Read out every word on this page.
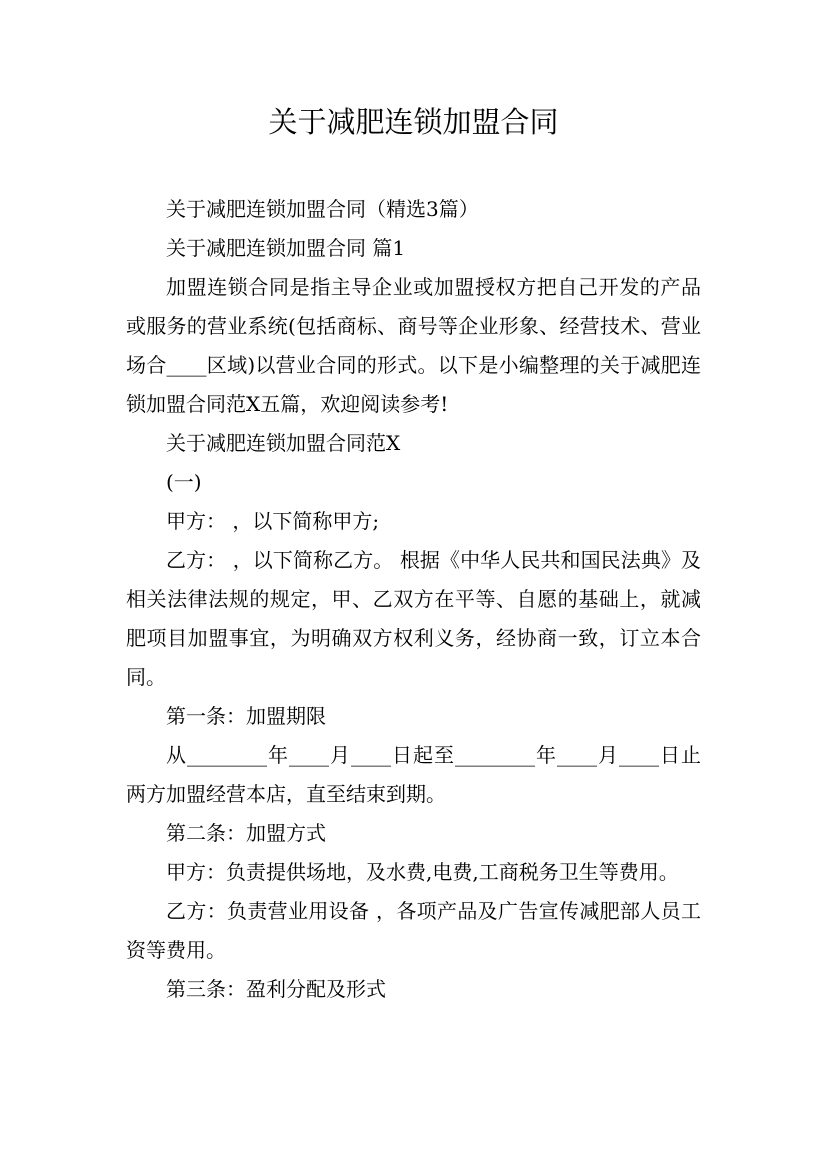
关于减肥连锁加盟合同

关于减肥连锁加盟合同（精选3篇）

关于减肥连锁加盟合同 篇1

加盟连锁合同是指主导企业或加盟授权方把自己开发的产品或服务的营业系统(包括商标、商号等企业形象、经营技术、营业场合____区域)以营业合同的形式。以下是小编整理的关于减肥连锁加盟合同范X五篇，欢迎阅读参考!

关于减肥连锁加盟合同范X

(一)

甲方： ，以下简称甲方;

乙方： ，以下简称乙方。 根据《中华人民共和国民法典》及相关法律法规的规定，甲、乙双方在平等、自愿的基础上，就减肥项目加盟事宜，为明确双方权利义务，经协商一致，订立本合同。

第一条：加盟期限

从________年____月____日起至________年____月____日止两方加盟经营本店，直至结束到期。

第二条：加盟方式

甲方：负责提供场地，及水费,电费,工商税务卫生等费用。

乙方：负责营业用设备 ，各项产品及广告宣传减肥部人员工资等费用。

第三条：盈利分配及形式
